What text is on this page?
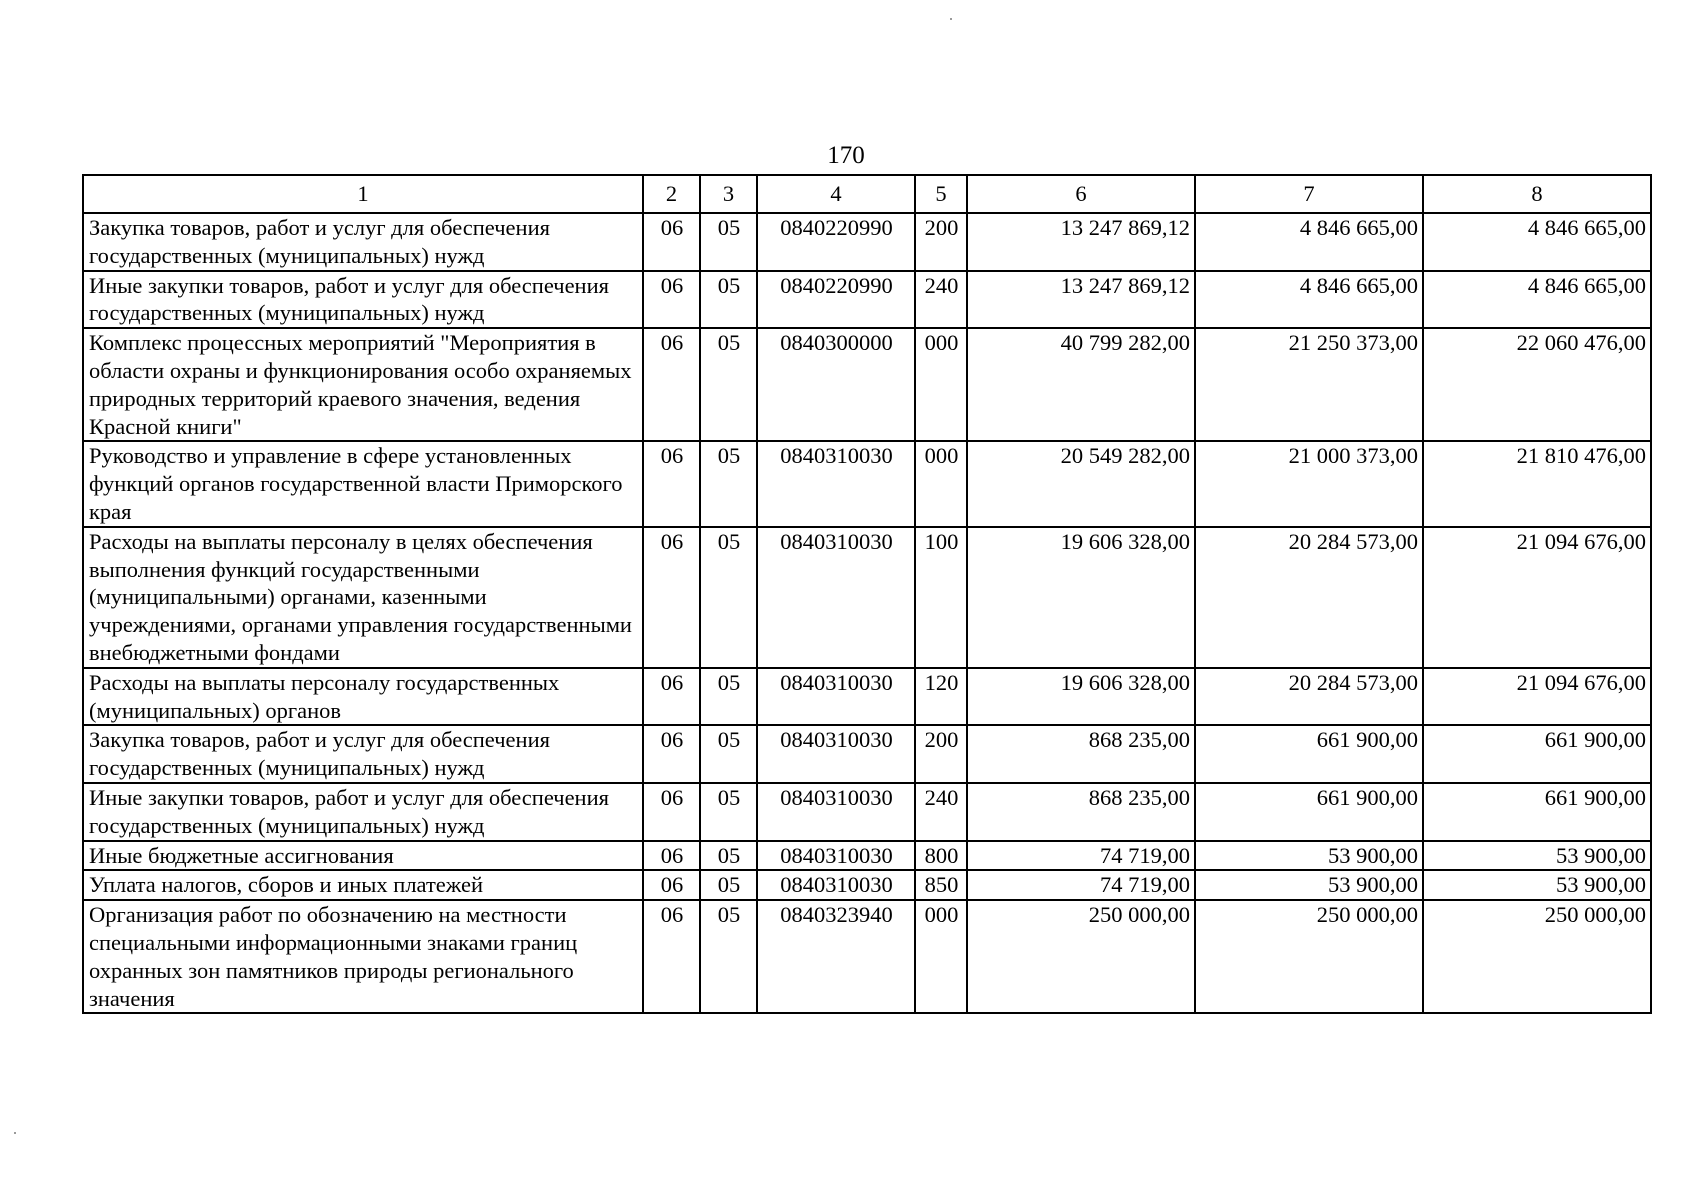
170
1	2	3	4	5	6	7	8
Закупка товаров, работ и услуг для обеспечения государственных (муниципальных) нужд	06	05	0840220990	200	13 247 869,12	4 846 665,00	4 846 665,00
Иные закупки товаров, работ и услуг для обеспечения государственных (муниципальных) нужд	06	05	0840220990	240	13 247 869,12	4 846 665,00	4 846 665,00
Комплекс процессных мероприятий "Мероприятия в области охраны и функционирования особо охраняемых природных территорий краевого значения, ведения Красной книги"	06	05	0840300000	000	40 799 282,00	21 250 373,00	22 060 476,00
Руководство и управление в сфере установленных функций органов государственной власти Приморского края	06	05	0840310030	000	20 549 282,00	21 000 373,00	21 810 476,00
Расходы на выплаты персоналу в целях обеспечения выполнения функций государственными (муниципальными) органами, казенными учреждениями, органами управления государственными внебюджетными фондами	06	05	0840310030	100	19 606 328,00	20 284 573,00	21 094 676,00
Расходы на выплаты персоналу государственных (муниципальных) органов	06	05	0840310030	120	19 606 328,00	20 284 573,00	21 094 676,00
Закупка товаров, работ и услуг для обеспечения государственных (муниципальных) нужд	06	05	0840310030	200	868 235,00	661 900,00	661 900,00
Иные закупки товаров, работ и услуг для обеспечения государственных (муниципальных) нужд	06	05	0840310030	240	868 235,00	661 900,00	661 900,00
Иные бюджетные ассигнования	06	05	0840310030	800	74 719,00	53 900,00	53 900,00
Уплата налогов, сборов и иных платежей	06	05	0840310030	850	74 719,00	53 900,00	53 900,00
Организация работ по обозначению на местности специальными информационными знаками границ охранных зон памятников природы регионального значения	06	05	0840323940	000	250 000,00	250 000,00	250 000,00
